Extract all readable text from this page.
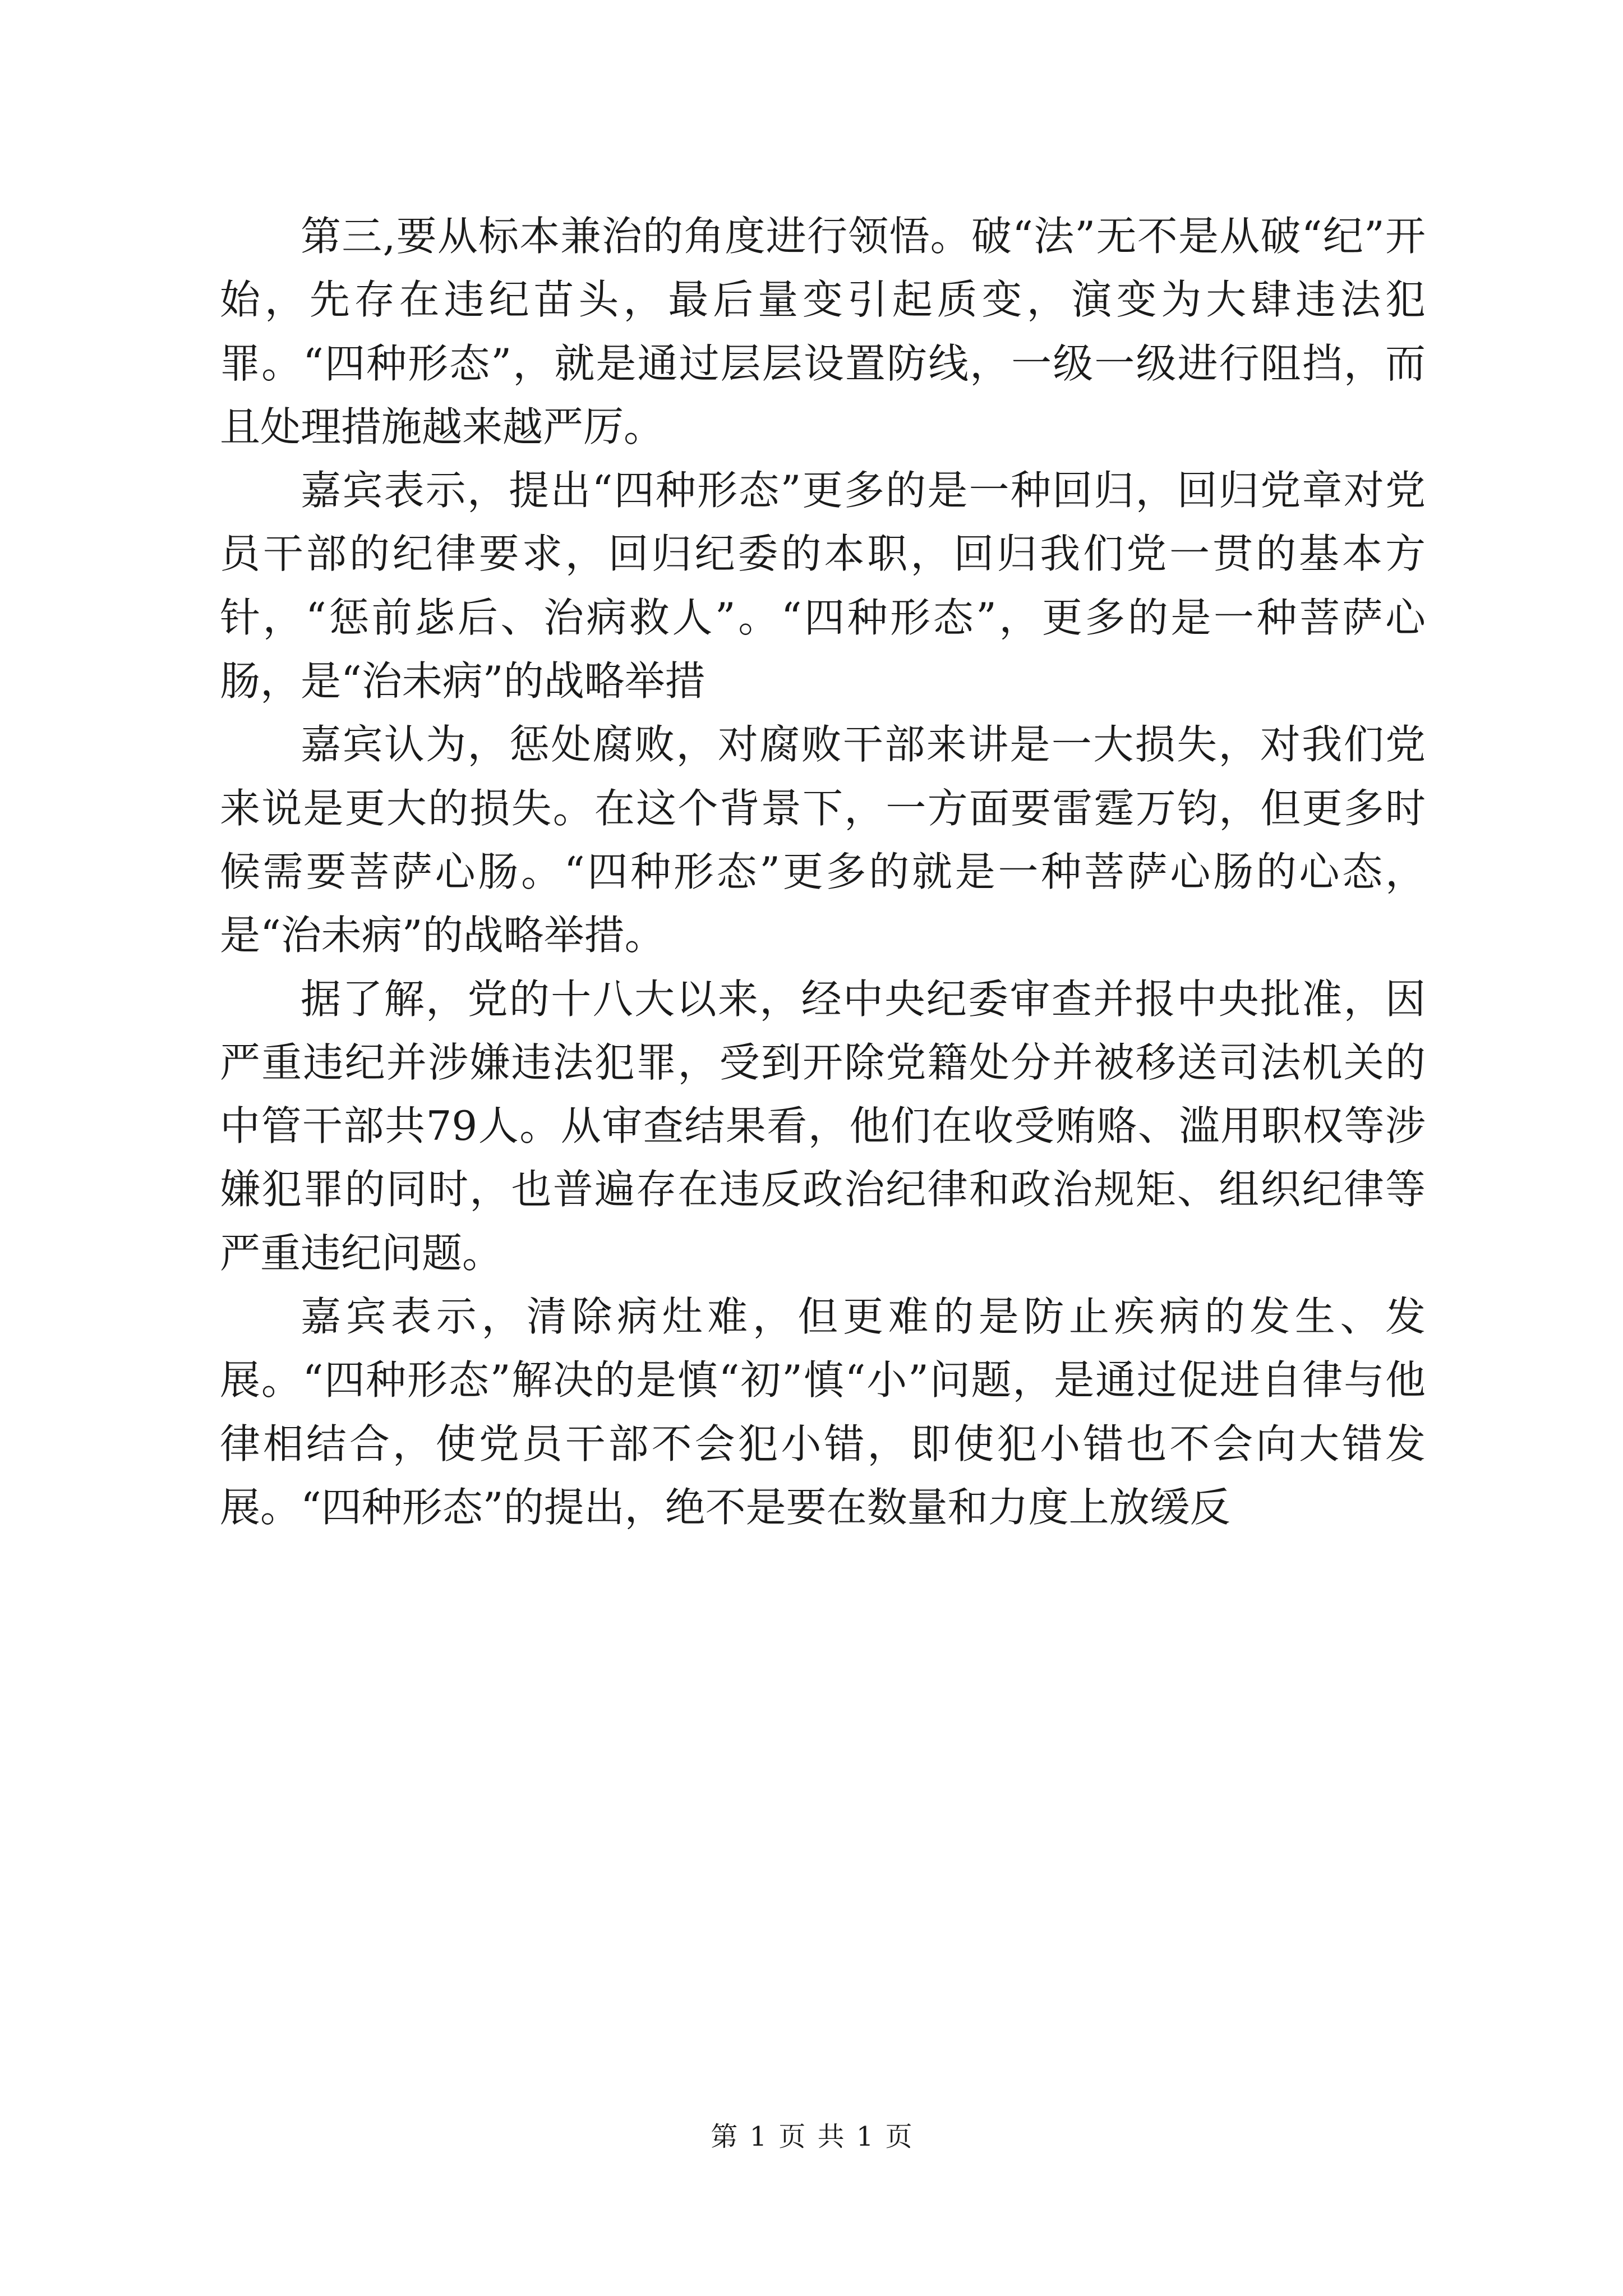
第三,要从标本兼治的角度进行领悟。破“法”无不是从破“纪”开始，先存在违纪苗头，最后量变引起质变，演变为大肆违法犯罪。“四种形态”，就是通过层层设置防线，一级一级进行阻挡，而且处理措施越来越严厉。

嘉宾表示，提出“四种形态”更多的是一种回归，回归党章对党员干部的纪律要求，回归纪委的本职，回归我们党一贯的基本方针，“惩前毖后、治病救人”。“四种形态”，更多的是一种菩萨心肠，是“治未病”的战略举措

嘉宾认为，惩处腐败，对腐败干部来讲是一大损失，对我们党来说是更大的损失。在这个背景下，一方面要雷霆万钧，但更多时候需要菩萨心肠。“四种形态”更多的就是一种菩萨心肠的心态，是“治未病”的战略举措。

据了解，党的十八大以来，经中央纪委审查并报中央批准，因严重违纪并涉嫌违法犯罪，受到开除党籍处分并被移送司法机关的中管干部共79人。从审查结果看，他们在收受贿赂、滥用职权等涉嫌犯罪的同时，也普遍存在违反政治纪律和政治规矩、组织纪律等严重违纪问题。

嘉宾表示，清除病灶难，但更难的是防止疾病的发生、发展。“四种形态”解决的是慎“初”慎“小”问题，是通过促进自律与他律相结合，使党员干部不会犯小错，即使犯小错也不会向大错发展。“四种形态”的提出，绝不是要在数量和力度上放缓反

第 1 页 共 1 页
